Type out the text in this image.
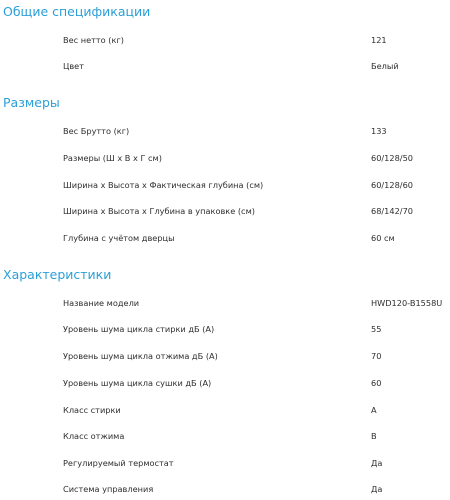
Общие спецификации
Вес нетто (кг)	121
Цвет	Белый
Размеры
Вес Брутто (кг)	133
Размеры (Ш х В х Г см)	60/128/50
Ширина х Высота х Фактическая глубина (см)	60/128/60
Ширина х Высота х Глубина в упаковке (см)	68/142/70
Глубина с учётом дверцы	60 см
Характеристики
Название модели	HWD120-B1558U
Уровень шума цикла стирки дБ (А)	55
Уровень шума цикла отжима дБ (А)	70
Уровень шума цикла сушки дБ (А)	60
Класс стирки	A
Класс отжима	B
Регулируемый термостат	Да
Система управления	Да
